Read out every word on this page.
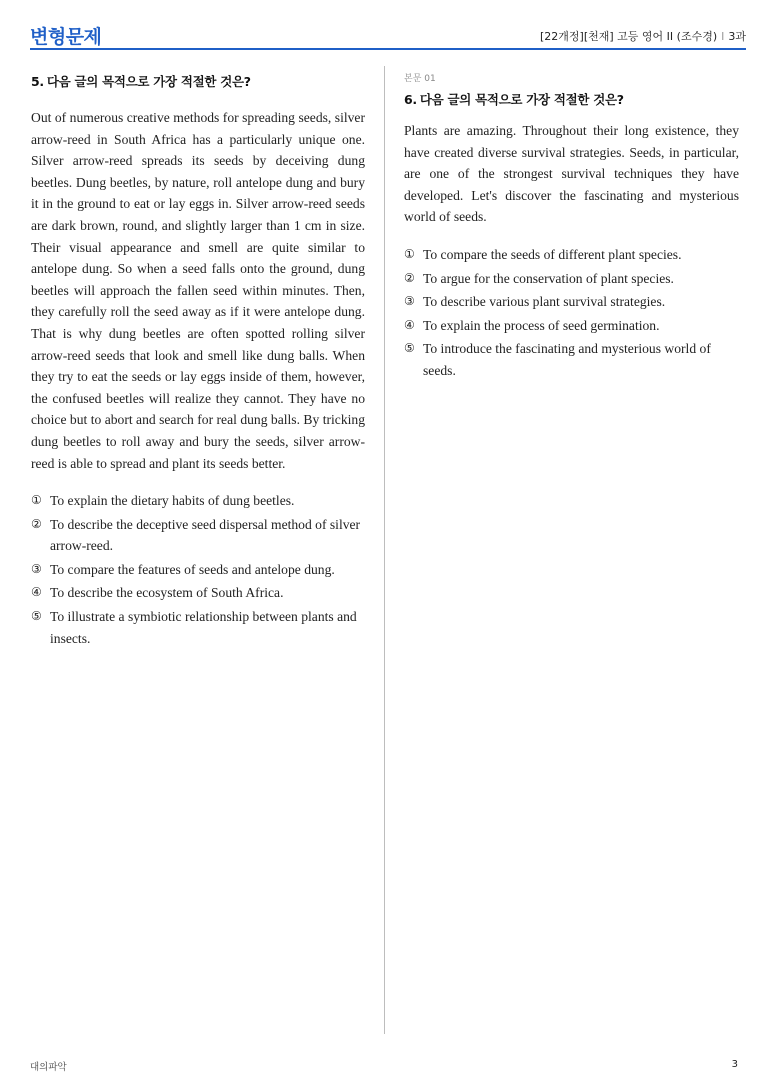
변형문제	[22개정][천재] 고등 영어 II (조수경) I 3과
5. 다음 글의 목적으로 가장 적절한 것은?

Out of numerous creative methods for spreading seeds, silver arrow-reed in South Africa has a particularly unique one. Silver arrow-reed spreads its seeds by deceiving dung beetles. Dung beetles, by nature, roll antelope dung and bury it in the ground to eat or lay eggs in. Silver arrow-reed seeds are dark brown, round, and slightly larger than 1 cm in size. Their visual appearance and smell are quite similar to antelope dung. So when a seed falls onto the ground, dung beetles will approach the fallen seed within minutes. Then, they carefully roll the seed away as if it were antelope dung. That is why dung beetles are often spotted rolling silver arrow-reed seeds that look and smell like dung balls. When they try to eat the seeds or lay eggs inside of them, however, the confused beetles will realize they cannot. They have no choice but to abort and search for real dung balls. By tricking dung beetles to roll away and bury the seeds, silver arrow-reed is able to spread and plant its seeds better.

① To explain the dietary habits of dung beetles.
② To describe the deceptive seed dispersal method of silver arrow-reed.
③ To compare the features of seeds and antelope dung.
④ To describe the ecosystem of South Africa.
⑤ To illustrate a symbiotic relationship between plants and insects.
본문 01
6. 다음 글의 목적으로 가장 적절한 것은?

Plants are amazing. Throughout their long existence, they have created diverse survival strategies. Seeds, in particular, are one of the strongest survival techniques they have developed. Let's discover the fascinating and mysterious world of seeds.

① To compare the seeds of different plant species.
② To argue for the conservation of plant species.
③ To describe various plant survival strategies.
④ To explain the process of seed germination.
⑤ To introduce the fascinating and mysterious world of seeds.
대의파악	3
